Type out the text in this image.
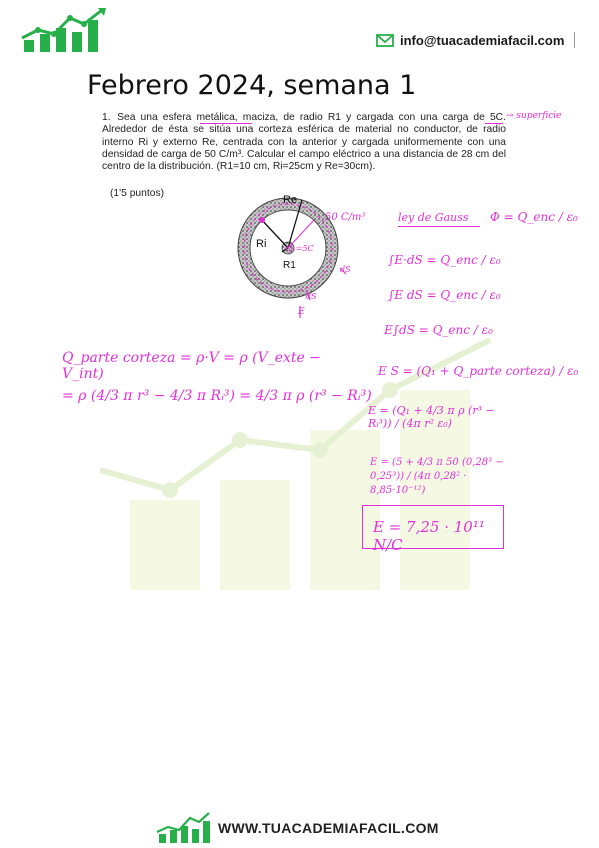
info@tuacademiafacil.com
Febrero 2024, semana 1
1. Sea una esfera metálica, maciza, de radio R1 y cargada con una carga de 5C. Alrededor de ésta se sitúa una corteza esférica de material no conductor, de radio interno Ri y externo Re, centrada con la anterior y cargada uniformemente con una densidad de carga de 50 C/m³. Calcular el campo eléctrico a una distancia de 28 cm del centro de la distribución. (R1=10 cm, Ri=25cm y Re=30cm).
(1'5 puntos)
→ superficie
Re
Ri
R1
Q₁=5C
50 C/m³
dS
dS
E
ley de Gauss Φ = Q_enc / ε₀
∫E·dS = Q_enc / ε₀
∫E dS = Q_enc / ε₀
E∫dS = Q_enc / ε₀
E S = (Q₁ + Q_parte corteza) / ε₀
E = (Q₁ + 4/3 π ρ (r³ − Rᵢ³)) / (4π r² ε₀)
E = (5 + 4/3 π 50 (0,28³ − 0,25³)) / (4π 0,28² · 8,85·10⁻¹²)
E = 7,25 · 10¹¹ N/C
Q_parte corteza = ρ·V = ρ (V_exte − V_int)
= ρ (4/3 π r³ − 4/3 π Rᵢ³) = 4/3 π ρ (r³ − Rᵢ³)
WWW.TUACADEMIAFACIL.COM
